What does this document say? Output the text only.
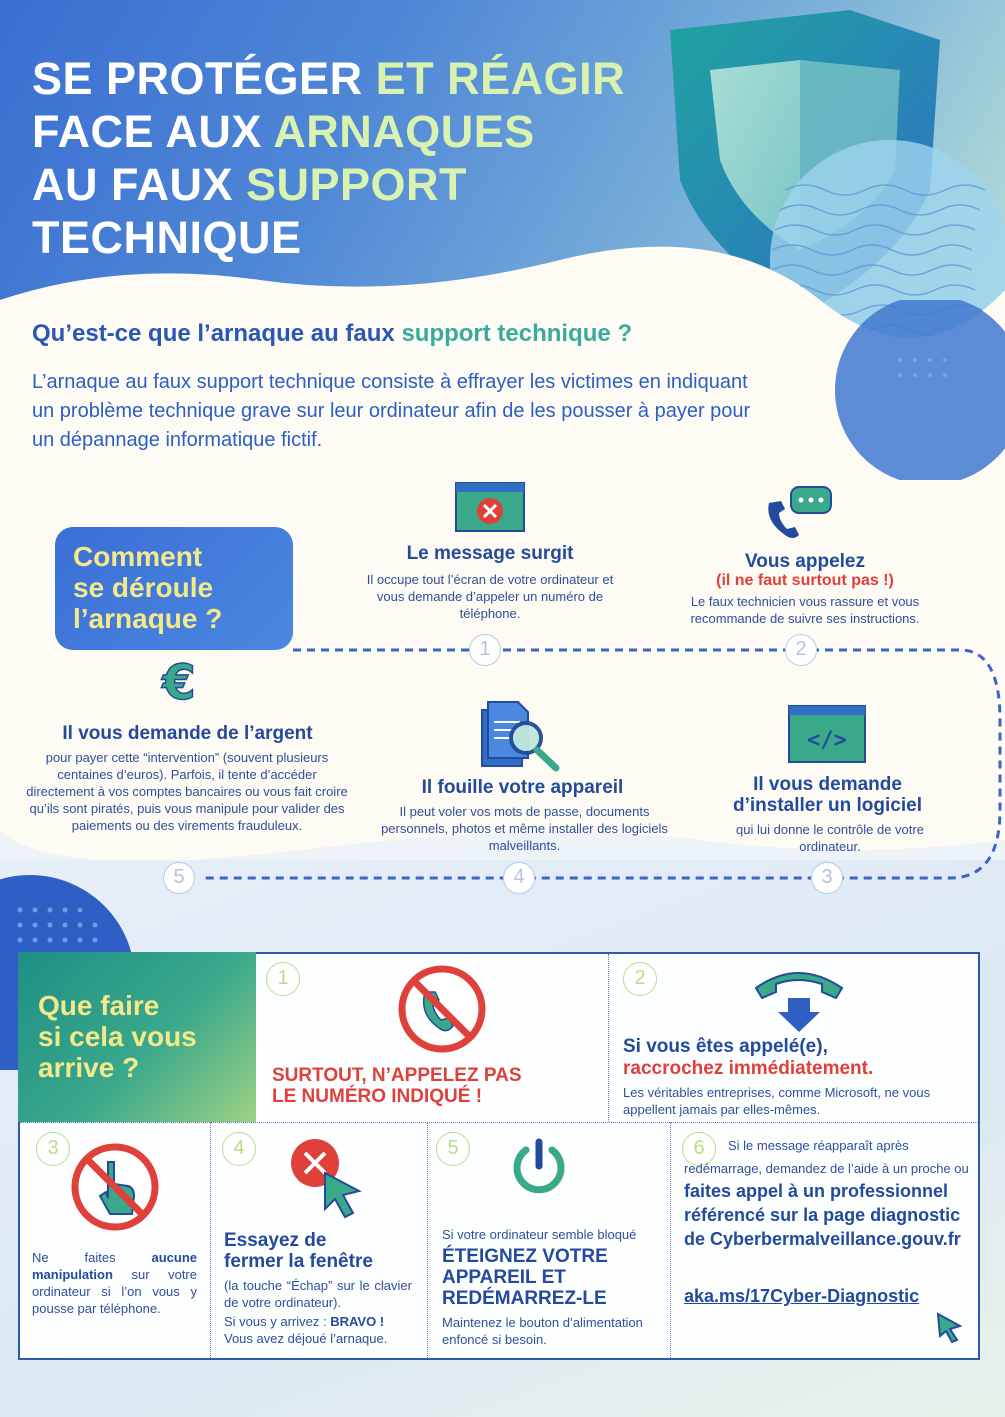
SE PROTÉGER ET RÉAGIR
FACE AUX ARNAQUES
AU FAUX SUPPORT
TECHNIQUE
Qu’est-ce que l’arnaque au faux support technique ?
L’arnaque au faux support technique consiste à effrayer les victimes en indiquant un problème technique grave sur leur ordinateur afin de les pousser à payer pour un dépannage informatique fictif.
Comment
se déroule
l’arnaque ?
Le message surgit
Il occupe tout l’écran de votre ordinateur et vous demande d’appeler un numéro de téléphone.
1
Vous appelez
(il ne faut surtout pas !)
Le faux technicien vous rassure et vous recommande de suivre ses instructions.
2
</>
Il vous demande
d’installer un logiciel
qui lui donne le contrôle de votre ordinateur.
3
Il fouille votre appareil
Il peut voler vos mots de passe, documents personnels, photos et même installer des logiciels malveillants.
4
€
Il vous demande de l’argent
pour payer cette “intervention” (souvent plusieurs centaines d’euros). Parfois, il tente d’accéder directement à vos comptes bancaires ou vous fait croire qu’ils sont piratés, puis vous manipule pour valider des paiements ou des virements frauduleux.
5
Que faire
si cela vous
arrive ?
1
SURTOUT, N’APPELEZ PAS
LE NUMÉRO INDIQUÉ !
2
Si vous êtes appelé(e),
raccrochez immédiatement.
Les véritables entreprises, comme Microsoft, ne vous appellent jamais par elles-mêmes.
3
Ne faites aucune manipulation sur votre ordinateur si l’on vous y pousse par téléphone.
4
Essayez de
fermer la fenêtre
(la touche “Échap” sur le clavier de votre ordinateur).
Si vous y arrivez : BRAVO !
Vous avez déjoué l’arnaque.
5
Si votre ordinateur semble bloqué
ÉTEIGNEZ VOTRE
APPAREIL ET
REDÉMARREZ-LE
Maintenez le bouton d’alimentation enfoncé si besoin.
6	Si le message réapparaît après redémarrage, demandez de l’aide à un proche ou faites appel à un professionnel référencé sur la page diagnostic de Cyberbermalveillance.gouv.fr
aka.ms/17Cyber-Diagnostic
